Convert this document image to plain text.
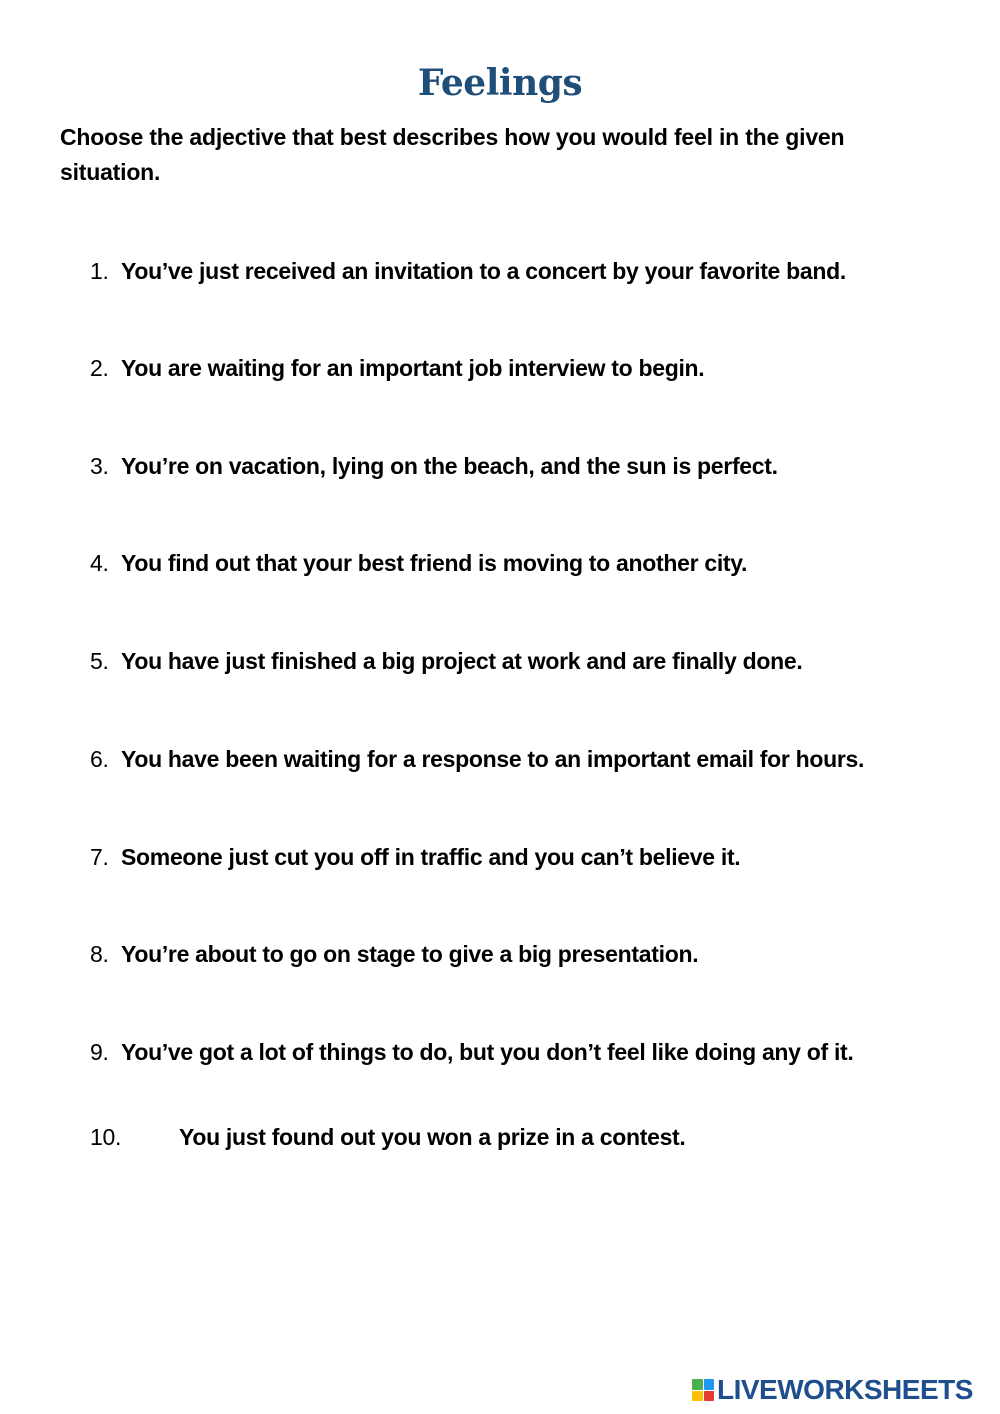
Feelings
Choose the adjective that best describes how you would feel in the given situation.
1. You’ve just received an invitation to a concert by your favorite band.
2. You are waiting for an important job interview to begin.
3. You’re on vacation, lying on the beach, and the sun is perfect.
4. You find out that your best friend is moving to another city.
5. You have just finished a big project at work and are finally done.
6. You have been waiting for a response to an important email for hours.
7. Someone just cut you off in traffic and you can’t believe it.
8. You’re about to go on stage to give a big presentation.
9. You’ve got a lot of things to do, but you don’t feel like doing any of it.
10.	You just found out you won a prize in a contest.
LIVEWORKSHEETS
